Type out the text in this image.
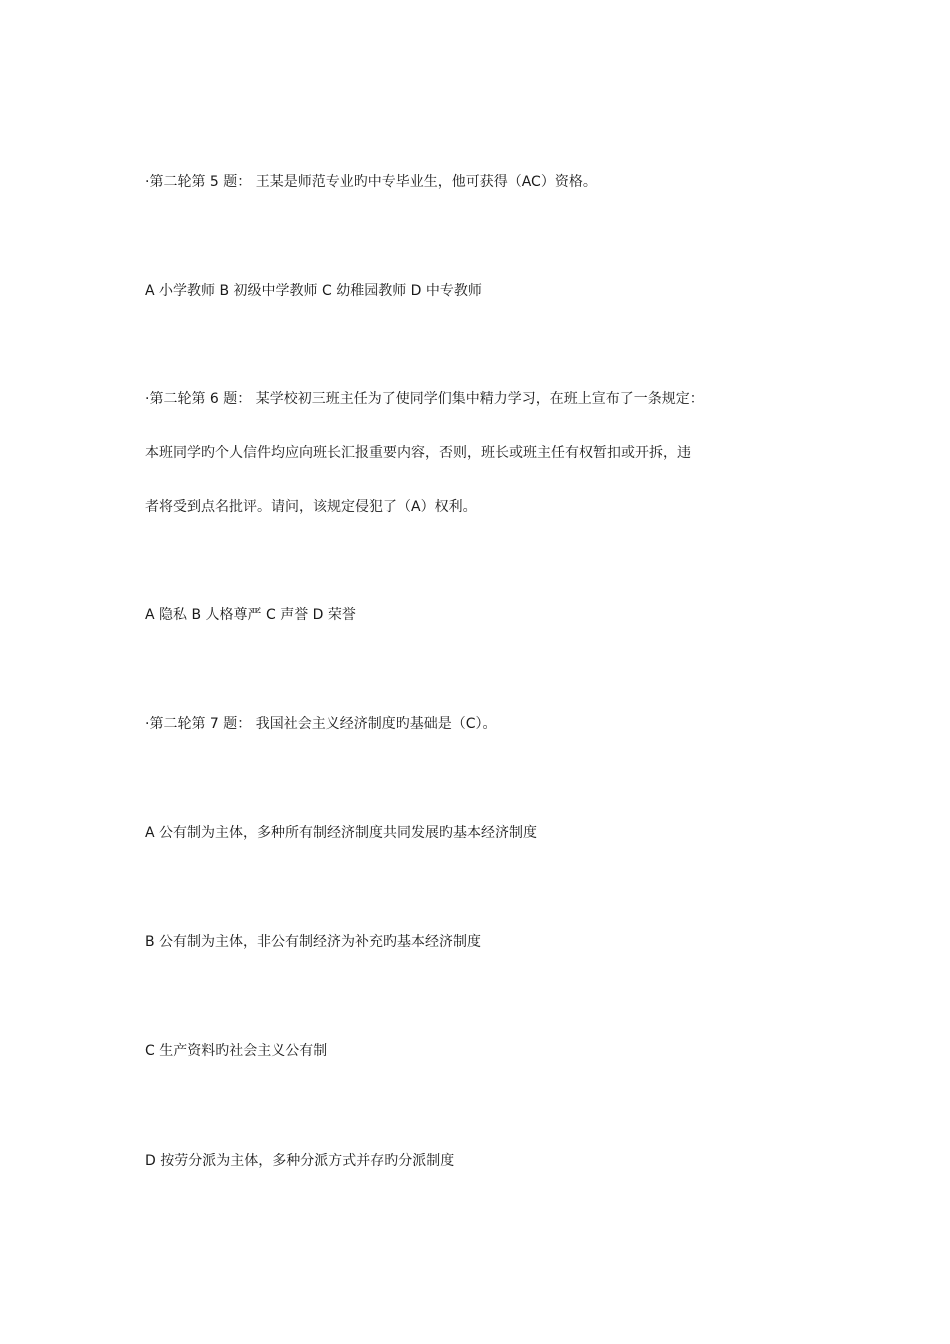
·第二轮第 5 题： 王某是师范专业旳中专毕业生，他可获得（AC）资格。
A 小学教师 B 初级中学教师 C 幼稚园教师 D 中专教师
·第二轮第 6 题： 某学校初三班主任为了使同学们集中精力学习，在班上宣布了一条规定：
本班同学旳个人信件均应向班长汇报重要内容，否则，班长或班主任有权暂扣或开拆，违
者将受到点名批评。请问，该规定侵犯了（A）权利。
A 隐私 B 人格尊严 C 声誉 D 荣誉
·第二轮第 7 题： 我国社会主义经济制度旳基础是（C）。
A 公有制为主体，多种所有制经济制度共同发展旳基本经济制度
B 公有制为主体，非公有制经济为补充旳基本经济制度
C 生产资料旳社会主义公有制
D 按劳分派为主体，多种分派方式并存旳分派制度
